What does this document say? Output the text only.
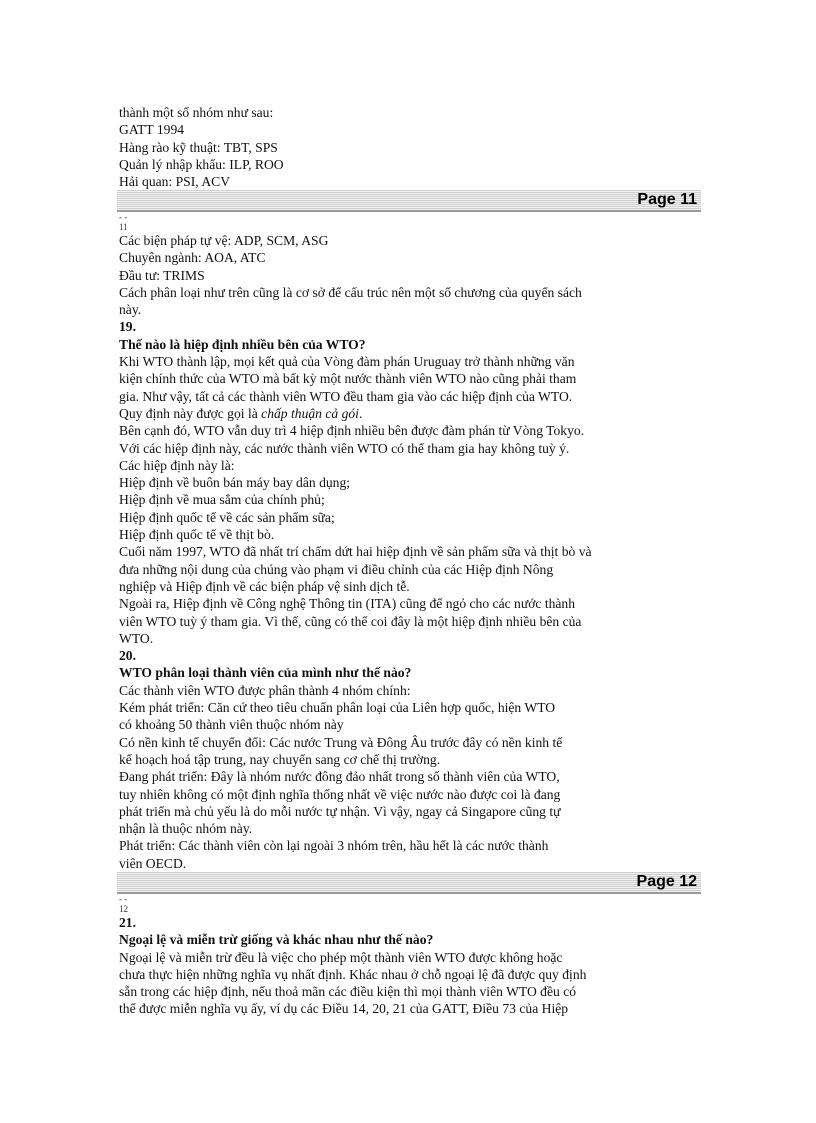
thành một số nhóm như sau:
GATT 1994
Hàng rào kỹ thuật: TBT, SPS
Quản lý nhập khẩu: ILP, ROO
Hải quan: PSI, ACV
Page 11
- -
11
Các biện pháp tự vệ: ADP, SCM, ASG
Chuyên ngành: AOA, ATC
Đầu tư: TRIMS
Cách phân loại như trên cũng là cơ sở để cấu trúc nên một số chương của quyển sách
này.
19.
Thế nào là hiệp định nhiều bên của WTO?
Khi WTO thành lập, mọi kết quả của Vòng đàm phán Uruguay trở thành những văn
kiện chính thức của WTO mà bất kỳ một nước thành viên WTO nào cũng phải tham
gia. Như vậy, tất cả các thành viên WTO đều tham gia vào các hiệp định của WTO.
Quy định này được gọi là chấp thuận cả gói.
Bên cạnh đó, WTO vẫn duy trì 4 hiệp định nhiều bên được đàm phán từ Vòng Tokyo.
Với các hiệp định này, các nước thành viên WTO có thể tham gia hay không tuỳ ý.
Các hiệp định này là:
Hiệp định về buôn bán máy bay dân dụng;
Hiệp định về mua sắm của chính phủ;
Hiệp định quốc tế về các sản phẩm sữa;
Hiệp định quốc tế về thịt bò.
Cuối năm 1997, WTO đã nhất trí chấm dứt hai hiệp định về sản phẩm sữa và thịt bò và
đưa những nội dung của chúng vào phạm vi điều chỉnh của các Hiệp định Nông
nghiệp và Hiệp định về các biện pháp vệ sinh dịch tễ.
Ngoài ra, Hiệp định về Công nghệ Thông tin (ITA) cũng để ngỏ cho các nước thành
viên WTO tuỳ ý tham gia. Vì thế, cũng có thể coi đây là một hiệp định nhiều bên của
WTO.
20.
WTO phân loại thành viên của mình như thế nào?
Các thành viên WTO được phân thành 4 nhóm chính:
Kém phát triển: Căn cứ theo tiêu chuẩn phân loại của Liên hợp quốc, hiện WTO
có khoảng 50 thành viên thuộc nhóm này
Có nền kinh tế chuyển đổi: Các nước Trung và Đông Âu trước đây có nền kinh tế
kế hoạch hoá tập trung, nay chuyển sang cơ chế thị trường.
Đang phát triển: Đây là nhóm nước đông đảo nhất trong số thành viên của WTO,
tuy nhiên không có một định nghĩa thống nhất về việc nước nào được coi là đang
phát triển mà chủ yếu là do mỗi nước tự nhận. Vì vậy, ngay cả Singapore cũng tự
nhận là thuộc nhóm này.
Phát triển: Các thành viên còn lại ngoài 3 nhóm trên, hầu hết là các nước thành
viên OECD.
Page 12
- -
12
21.
Ngoại lệ và miễn trừ giống và khác nhau như thế nào?
Ngoại lệ và miễn trừ đều là việc cho phép một thành viên WTO được không hoặc
chưa thực hiện những nghĩa vụ nhất định. Khác nhau ở chỗ ngoại lệ đã được quy định
sẵn trong các hiệp định, nếu thoả mãn các điều kiện thì mọi thành viên WTO đều có
thể được miễn nghĩa vụ ấy, ví dụ các Điều 14, 20, 21 của GATT, Điều 73 của Hiệp
